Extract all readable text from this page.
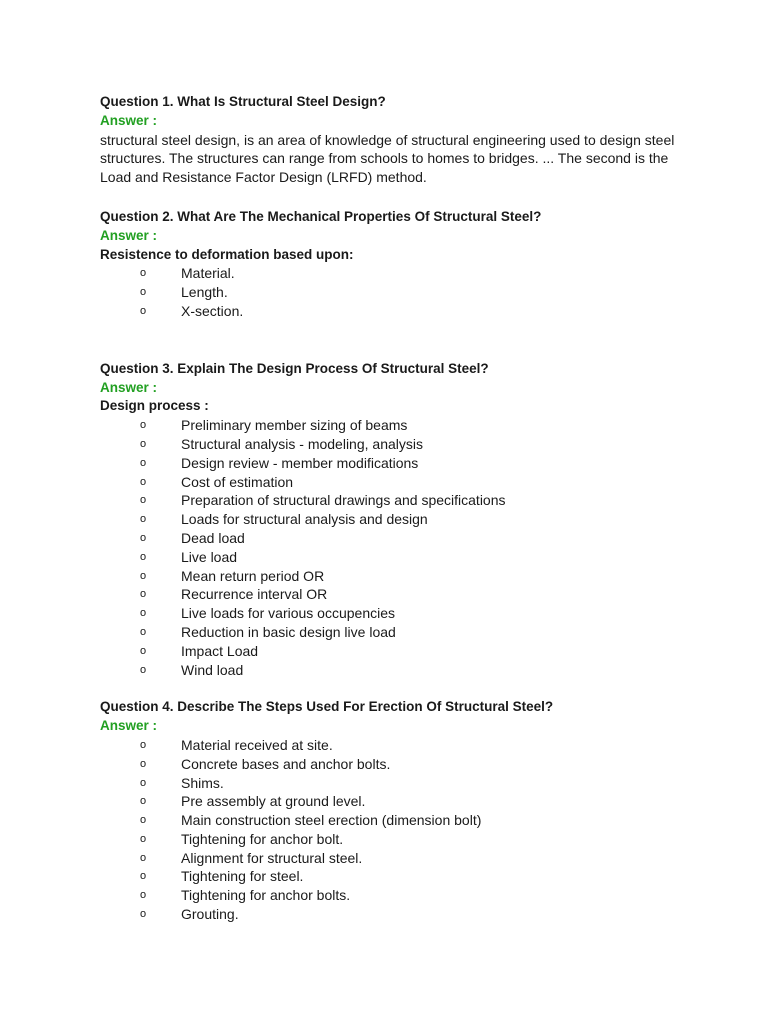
Question 1. What Is Structural Steel Design?

Answer :

structural steel design, is an area of knowledge of structural engineering used to design steel structures. The structures can range from schools to homes to bridges. ... The second is the Load and Resistance Factor Design (LRFD) method.

Question 2. What Are The Mechanical Properties Of Structural Steel?

Answer :

Resistence to deformation based upon:

o Material.
o Length.
o X-section.

Question 3. Explain The Design Process Of Structural Steel?

Answer :

Design process :

o Preliminary member sizing of beams
o Structural analysis - modeling, analysis
o Design review - member modifications
o Cost of estimation
o Preparation of structural drawings and specifications
o Loads for structural analysis and design
o Dead load
o Live load
o Mean return period OR
o Recurrence interval OR
o Live loads for various occupencies
o Reduction in basic design live load
o Impact Load
o Wind load

Question 4. Describe The Steps Used For Erection Of Structural Steel?

Answer :

o Material received at site.
o Concrete bases and anchor bolts.
o Shims.
o Pre assembly at ground level.
o Main construction steel erection (dimension bolt)
o Tightening for anchor bolt.
o Alignment for structural steel.
o Tightening for steel.
o Tightening for anchor bolts.
o Grouting.
